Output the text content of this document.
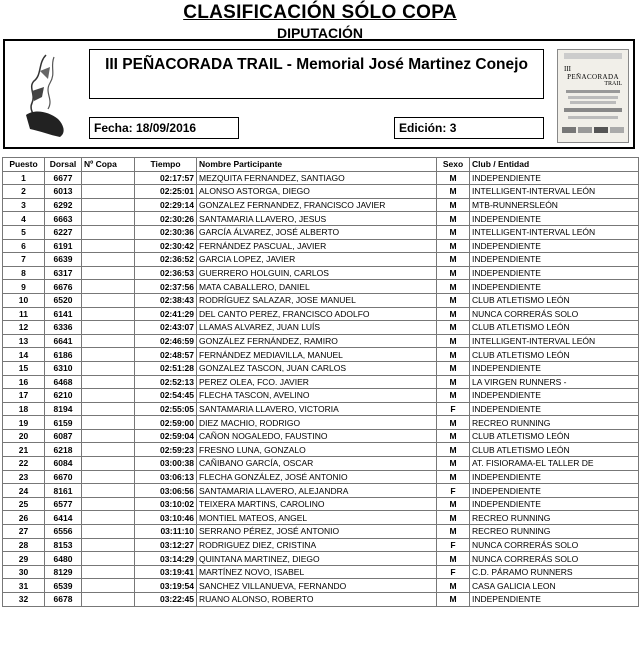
CLASIFICACIÓN SÓLO COPA
DIPUTACIÓN
III PEÑACORADA TRAIL - Memorial José Martinez Conejo
Fecha: 18/09/2016	Edición: 3
III
PEÑACORADA
TRAIL
Puesto	Dorsal	Nº Copa	Tiempo	Nombre Participante	Sexo	Club / Entidad
1	6677		02:17:57	MEZQUITA FERNANDEZ, SANTIAGO	M	INDEPENDIENTE
2	6013		02:25:01	ALONSO ASTORGA, DIEGO	M	INTELLIGENT-INTERVAL LEÓN
3	6292		02:29:14	GONZALEZ FERNANDEZ, FRANCISCO JAVIER	M	MTB-RUNNERSLEÓN
4	6663		02:30:26	SANTAMARIA LLAVERO, JESUS	M	INDEPENDIENTE
5	6227		02:30:36	GARCÍA ÁLVAREZ, JOSÉ ALBERTO	M	INTELLIGENT-INTERVAL LEÓN
6	6191		02:30:42	FERNÁNDEZ PASCUAL, JAVIER	M	INDEPENDIENTE
7	6639		02:36:52	GARCIA LOPEZ, JAVIER	M	INDEPENDIENTE
8	6317		02:36:53	GUERRERO HOLGUIN, CARLOS	M	INDEPENDIENTE
9	6676		02:37:56	MATA CABALLERO, DANIEL	M	INDEPENDIENTE
10	6520		02:38:43	RODRÍGUEZ SALAZAR, JOSE MANUEL	M	CLUB ATLETISMO LEÓN
11	6141		02:41:29	DEL CANTO PEREZ, FRANCISCO ADOLFO	M	NUNCA CORRERÁS SOLO
12	6336		02:43:07	LLAMAS ALVAREZ, JUAN LUÍS	M	CLUB ATLETISMO LEÓN
13	6641		02:46:59	GONZÁLEZ FERNÁNDEZ, RAMIRO	M	INTELLIGENT-INTERVAL LEÓN
14	6186		02:48:57	FERNÁNDEZ MEDIAVILLA, MANUEL	M	CLUB ATLETISMO LEÓN
15	6310		02:51:28	GONZALEZ TASCON, JUAN CARLOS	M	INDEPENDIENTE
16	6468		02:52:13	PEREZ OLEA, FCO. JAVIER	M	LA VIRGEN RUNNERS -
17	6210		02:54:45	FLECHA TASCON, AVELINO	M	INDEPENDIENTE
18	8194		02:55:05	SANTAMARIA LLAVERO, VICTORIA	F	INDEPENDIENTE
19	6159		02:59:00	DIEZ MACHIO, RODRIGO	M	RECREO RUNNING
20	6087		02:59:04	CAÑON NOGALEDO, FAUSTINO	M	CLUB ATLETISMO LEÓN
21	6218		02:59:23	FRESNO LUNA, GONZALO	M	CLUB ATLETISMO LEÓN
22	6084		03:00:38	CAÑIBANO GARCÍA, OSCAR	M	AT. FISIORAMA-EL TALLER DE
23	6670		03:06:13	FLECHA GONZÁLEZ, JOSÉ ANTONIO	M	INDEPENDIENTE
24	8161		03:06:56	SANTAMARIA LLAVERO, ALEJANDRA	F	INDEPENDIENTE
25	6577		03:10:02	TEIXERA MARTINS, CAROLINO	M	INDEPENDIENTE
26	6414		03:10:46	MONTIEL MATEOS, ANGEL	M	RECREO RUNNING
27	6556		03:11:10	SERRANO PÉREZ, JOSÉ ANTONIO	M	RECREO RUNNING
28	8153		03:12:27	RODRIGUEZ DIEZ, CRISTINA	F	NUNCA CORRERÁS SOLO
29	6480		03:14:29	QUINTANA MARTINEZ, DIEGO	M	NUNCA CORRERÁS SOLO
30	8129		03:19:41	MARTÍNEZ NOVO, ISABEL	F	C.D. PÁRAMO RUNNERS
31	6539		03:19:54	SANCHEZ VILLANUEVA, FERNANDO	M	CASA GALICIA LEON
32	6678		03:22:45	RUANO ALONSO, ROBERTO	M	INDEPENDIENTE
